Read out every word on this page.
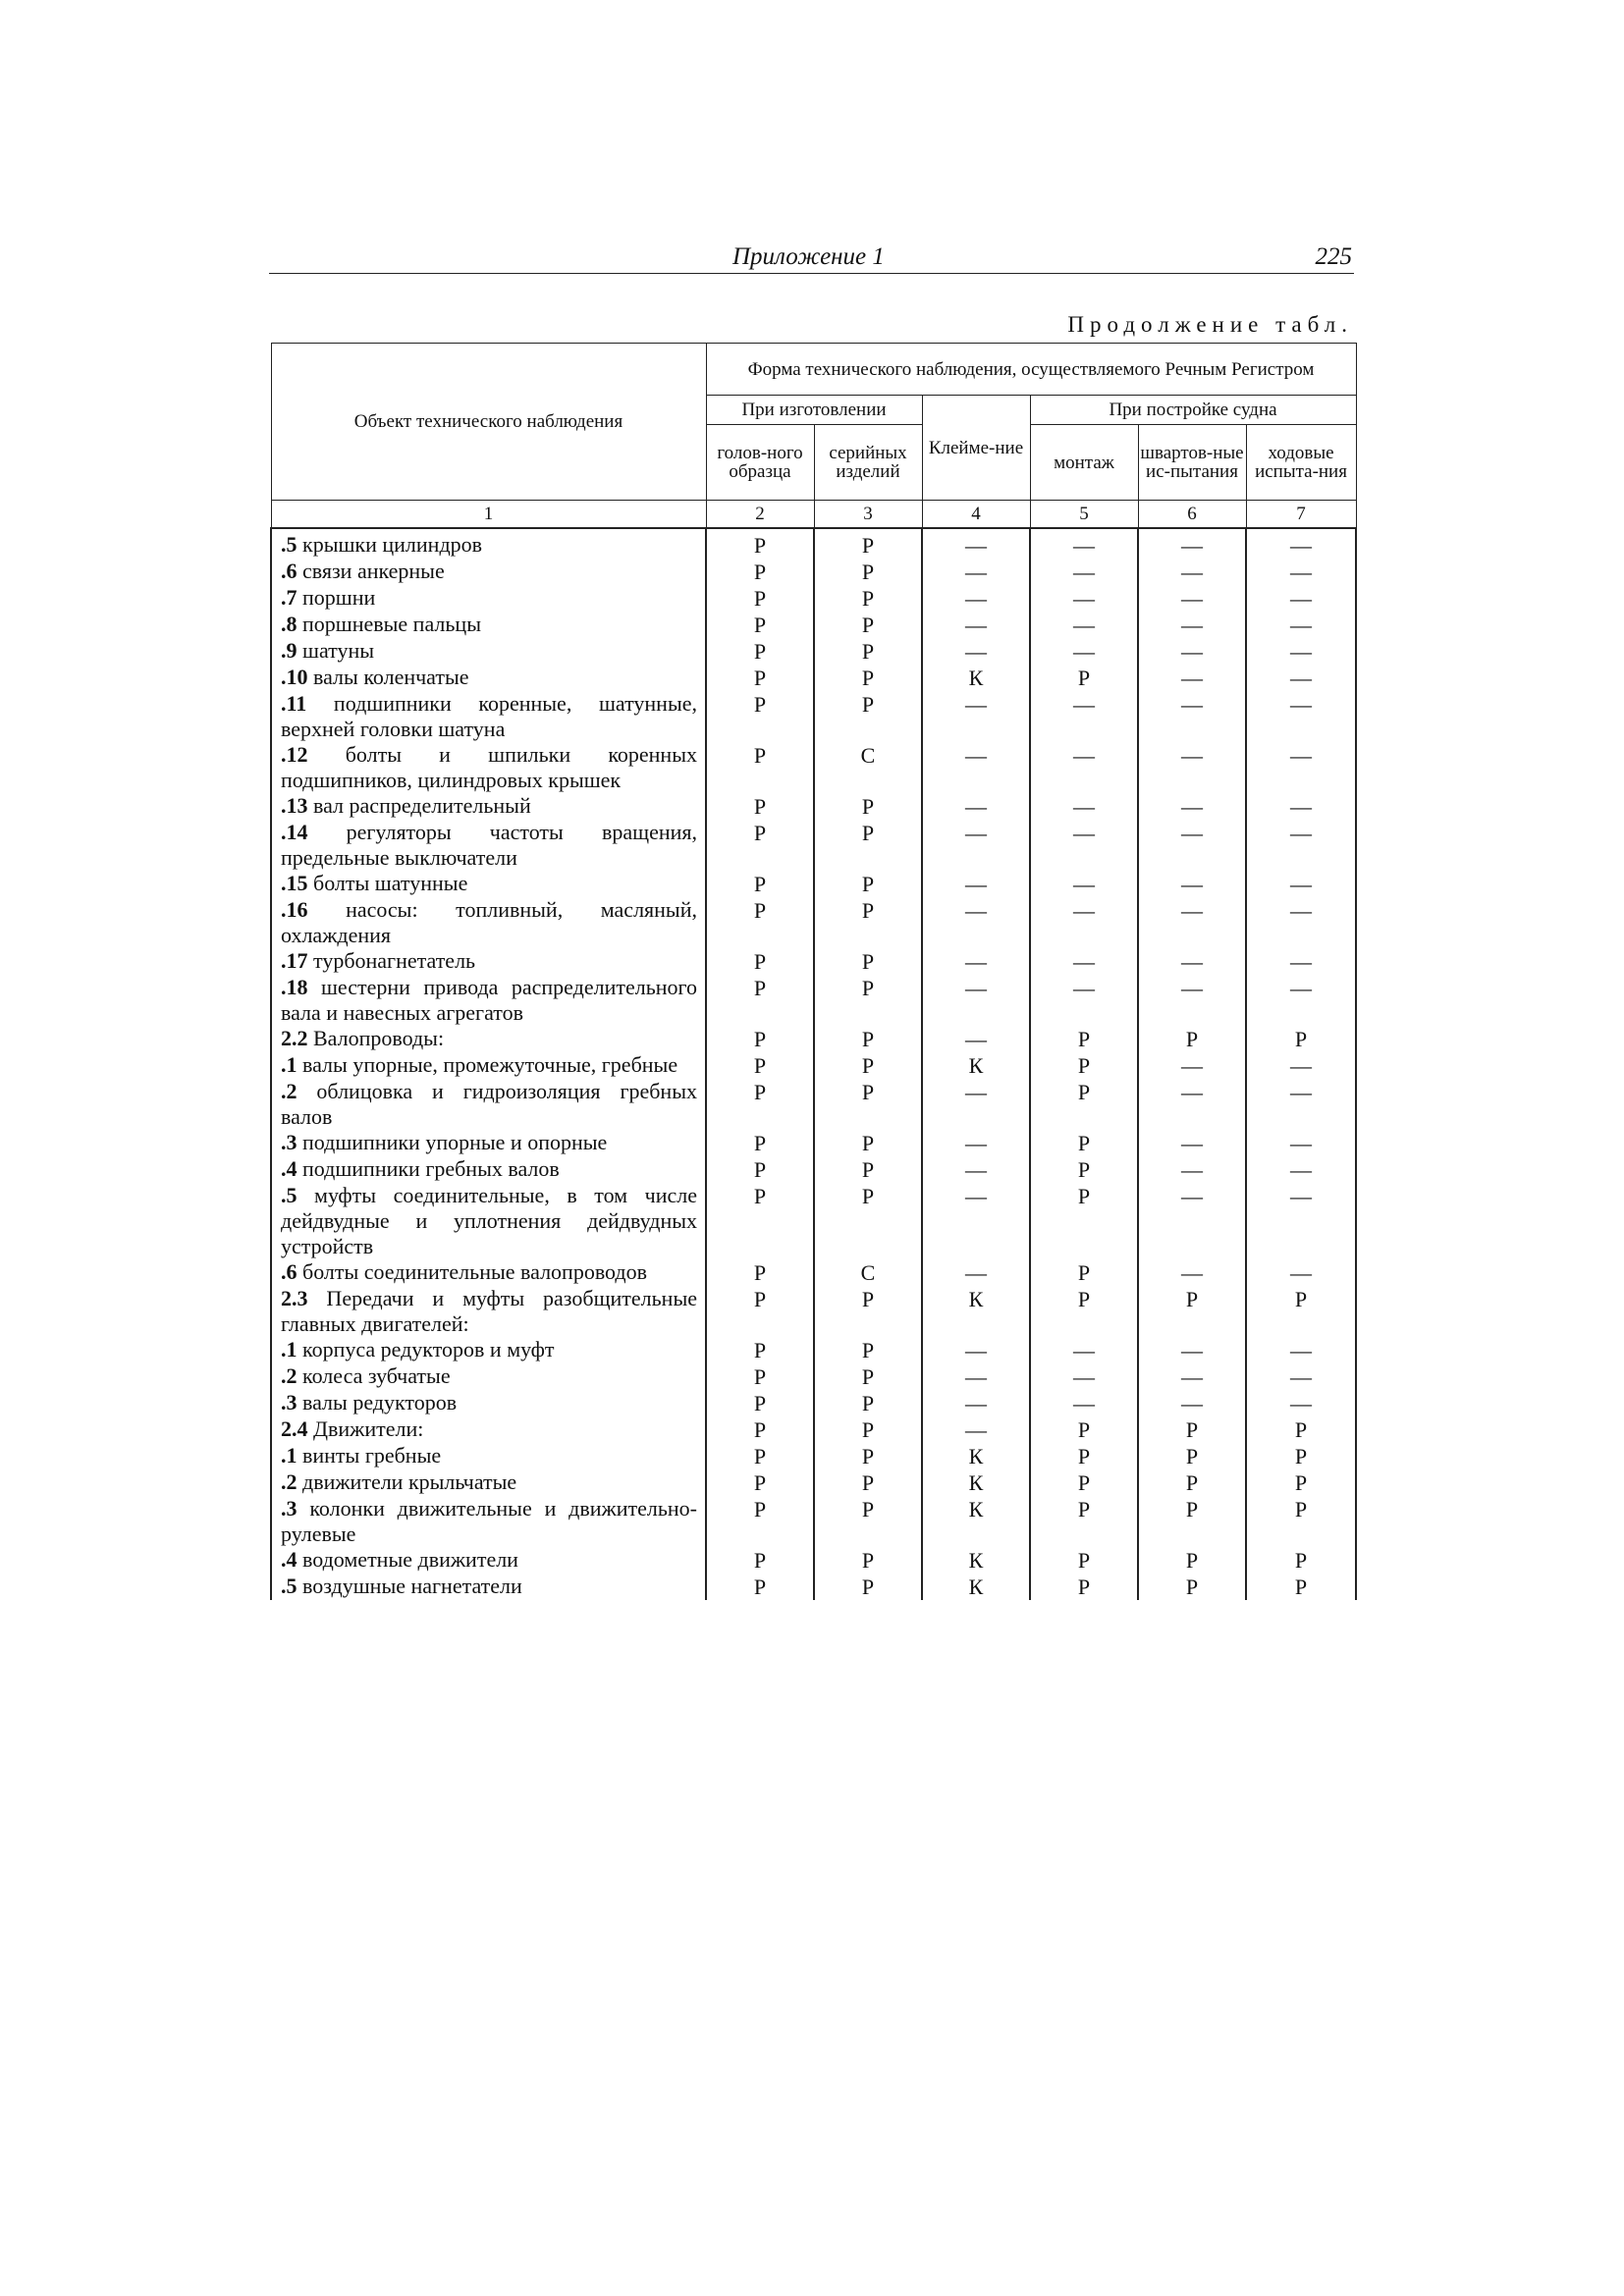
Приложение 1	225
Продолжение табл.
Объект технического наблюдения	Форма технического наблюдения, осуществляемого Речным Регистром					
	При изготовлении		Клейме-ние	При постройке судна		
	голов-ного образца	серийных изделий		монтаж	швартов-ные ис-пытания	ходовые испыта-ния
1	2	3	4	5	6	7
.5 крышки цилиндров	Р	Р	—	—	—	—

.6 связи анкерные	Р	Р	—	—	—	—

.7 поршни	Р	Р	—	—	—	—

.8 поршневые пальцы	Р	Р	—	—	—	—

.9 шатуны	Р	Р	—	—	—	—

.10 валы коленчатые	Р	Р	К	Р	—	—

.11 подшипники коренные, шатунные, верхней головки шатуна	Р	Р	—	—	—	—

.12 болты и шпильки коренных подшипников, цилиндровых крышек	Р	С	—	—	—	—

.13 вал распределительный	Р	Р	—	—	—	—

.14 регуляторы частоты вращения, предельные выключатели	Р	Р	—	—	—	—

.15 болты шатунные	Р	Р	—	—	—	—

.16 насосы: топливный, масляный, охлаждения	Р	Р	—	—	—	—

.17 турбонагнетатель	Р	Р	—	—	—	—

.18 шестерни привода распределительного вала и навесных агрегатов	Р	Р	—	—	—	—

2.2 Валопроводы:	Р	Р	—	Р	Р	Р

.1 валы упорные, промежуточные, гребные	Р	Р	К	Р	—	—

.2 облицовка и гидроизоляция гребных валов	Р	Р	—	Р	—	—

.3 подшипники упорные и опорные	Р	Р	—	Р	—	—

.4 подшипники гребных валов	Р	Р	—	Р	—	—

.5 муфты соединительные, в том числе дейдвудные и уплотнения дейдвудных устройств	Р	Р	—	Р	—	—

.6 болты соединительные валопроводов	Р	С	—	Р	—	—

2.3 Передачи и муфты разобщительные главных двигателей:	Р	Р	К	Р	Р	Р

.1 корпуса редукторов и муфт	Р	Р	—	—	—	—

.2 колеса зубчатые	Р	Р	—	—	—	—

.3 валы редукторов	Р	Р	—	—	—	—

2.4 Движители:	Р	Р	—	Р	Р	Р

.1 винты гребные	Р	Р	К	Р	Р	Р

.2 движители крыльчатые	Р	Р	К	Р	Р	Р

.3 колонки движительные и движительно-рулевые	Р	Р	К	Р	Р	Р

.4 водометные движители	Р	Р	К	Р	Р	Р

.5 воздушные нагнетатели	Р	Р	К	Р	Р	Р
